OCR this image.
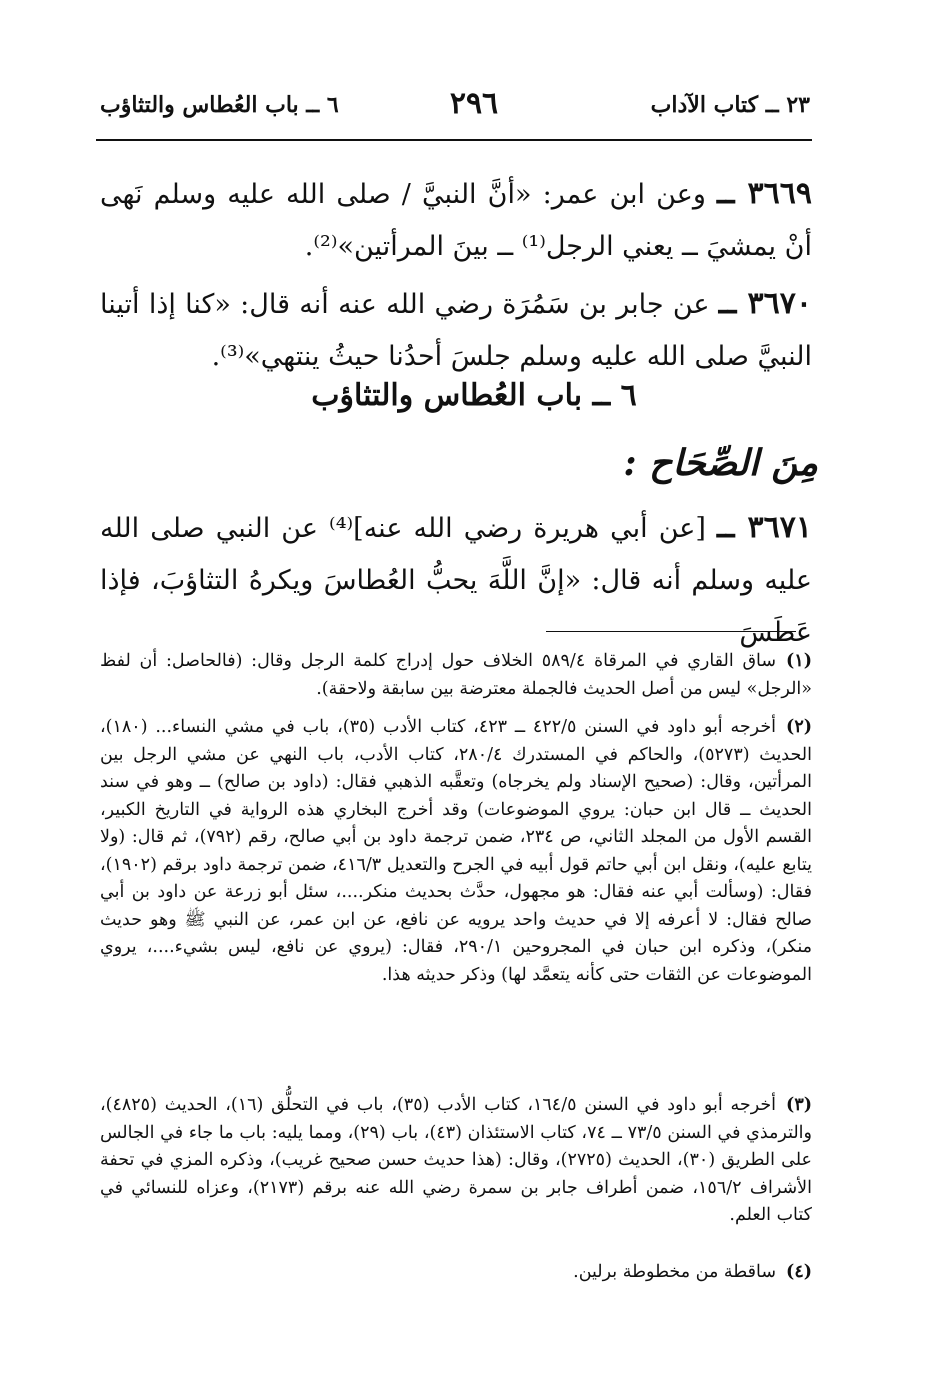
٢٣ ــ كتاب الآداب
٢٩٦
٦ ــ باب العُطاس والتثاؤب
٣٦٦٩ ــ وعن ابن عمر: «أنَّ النبيَّ / صلى الله عليه وسلم نَهى أنْ يمشيَ ــ يعني الرجل⁽¹⁾ ــ بينَ المرأتين»⁽²⁾.
٣٦٧٠ ــ عن جابر بن سَمُرَة رضي الله عنه أنه قال: «كنا إذا أتينا النبيَّ صلى الله عليه وسلم جلسَ أحدُنا حيثُ ينتهي»⁽³⁾.
٦ ــ باب العُطاس والتثاؤب
مِنَ الصِّحَاح :
٣٦٧١ ــ [عن أبي هريرة رضي الله عنه]⁽⁴⁾ عن النبي صلى الله عليه وسلم أنه قال: «إنَّ اللَّهَ يحبُّ العُطاسَ ويكرهُ التثاؤبَ، فإذا عَطَسَ
(١)ساق القاري في المرقاة ٥٨٩/٤ الخلاف حول إدراج كلمة الرجل وقال: (فالحاصل: أن لفظ «الرجل» ليس من أصل الحديث فالجملة معترضة بين سابقة ولاحقة).
(٢)أخرجه أبو داود في السنن ٤٢٢/٥ ــ ٤٢٣، كتاب الأدب (٣٥)، باب في مشي النساء... (١٨٠)، الحديث (٥٢٧٣)، والحاكم في المستدرك ٢٨٠/٤، كتاب الأدب، باب النهي عن مشي الرجل بين المرأتين، وقال: (صحيح الإسناد ولم يخرجاه) وتعقَّبه الذهبي فقال: (داود بن صالح) ــ وهو في سند الحديث ــ قال ابن حبان: يروي الموضوعات) وقد أخرج البخاري هذه الرواية في التاريخ الكبير، القسم الأول من المجلد الثاني، ص ٢٣٤، ضمن ترجمة داود بن أبي صالح، رقم (٧٩٢)، ثم قال: (ولا يتابع عليه)، ونقل ابن أبي حاتم قول أبيه في الجرح والتعديل ٤١٦/٣، ضمن ترجمة داود برقم (١٩٠٢)، فقال: (وسألت أبي عنه فقال: هو مجهول، حدَّث بحديث منكر....، سئل أبو زرعة عن داود بن أبي صالح فقال: لا أعرفه إلا في حديث واحد يرويه عن نافع، عن ابن عمر، عن النبي ﷺ وهو حديث منكر)، وذكره ابن حبان في المجروحين ٢٩٠/١، فقال: (يروي عن نافع، ليس بشيء....، يروي الموضوعات عن الثقات حتى كأنه يتعمَّد لها) وذكر حديثه هذا.
(٣)أخرجه أبو داود في السنن ١٦٤/٥، كتاب الأدب (٣٥)، باب في التحلُّق (١٦)، الحديث (٤٨٢٥)، والترمذي في السنن ٧٣/٥ ــ ٧٤، كتاب الاستئذان (٤٣)، باب (٢٩)، ومما يليه: باب ما جاء في الجالس على الطريق (٣٠)، الحديث (٢٧٢٥)، وقال: (هذا حديث حسن صحيح غريب)، وذكره المزي في تحفة الأشراف ١٥٦/٢، ضمن أطراف جابر بن سمرة رضي الله عنه برقم (٢١٧٣)، وعزاه للنسائي في كتاب العلم.
(٤)ساقطة من مخطوطة برلين.
